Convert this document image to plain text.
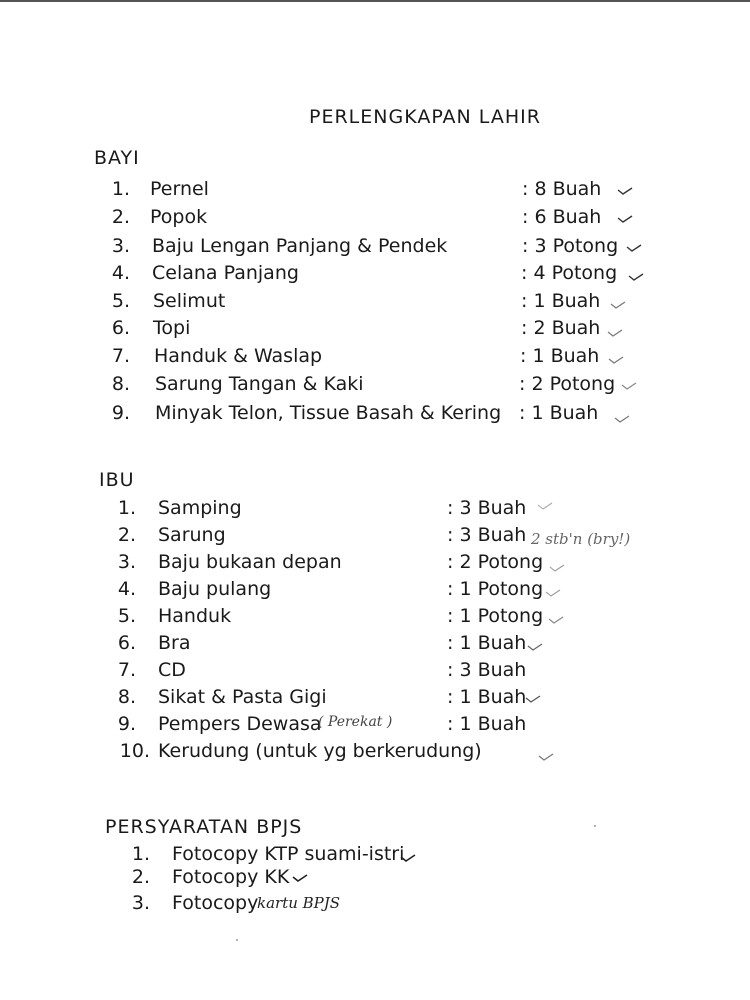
PERLENGKAPAN LAHIR
BAYI
1. Pernel	: 8 Buah
2. Popok	: 6 Buah
3. Baju Lengan Panjang & Pendek	: 3 Potong
4. Celana Panjang	: 4 Potong
5. Selimut	: 1 Buah
6. Topi	: 2 Buah
7. Handuk & Waslap	: 1 Buah
8. Sarung Tangan & Kaki	: 2 Potong
9. Minyak Telon, Tissue Basah & Kering : 1 Buah
IBU
1. Samping	: 3 Buah
2. Sarung	: 3 Buah 2 stb'n (bry!)
3. Baju bukaan depan	: 2 Potong
4. Baju pulang	: 1 Potong
5. Handuk	: 1 Potong
6. Bra	: 1 Buah
7. CD	: 3 Buah
8. Sikat & Pasta Gigi	: 1 Buah
9. Pempers Dewasa	: 1 Buah
( Perekat )
10. Kerudung (untuk yg berkerudung)
PERSYARATAN BPJS
1. Fotocopy KTP suami-istri
2. Fotocopy KK
3. Fotocopy
kartu BPJS
